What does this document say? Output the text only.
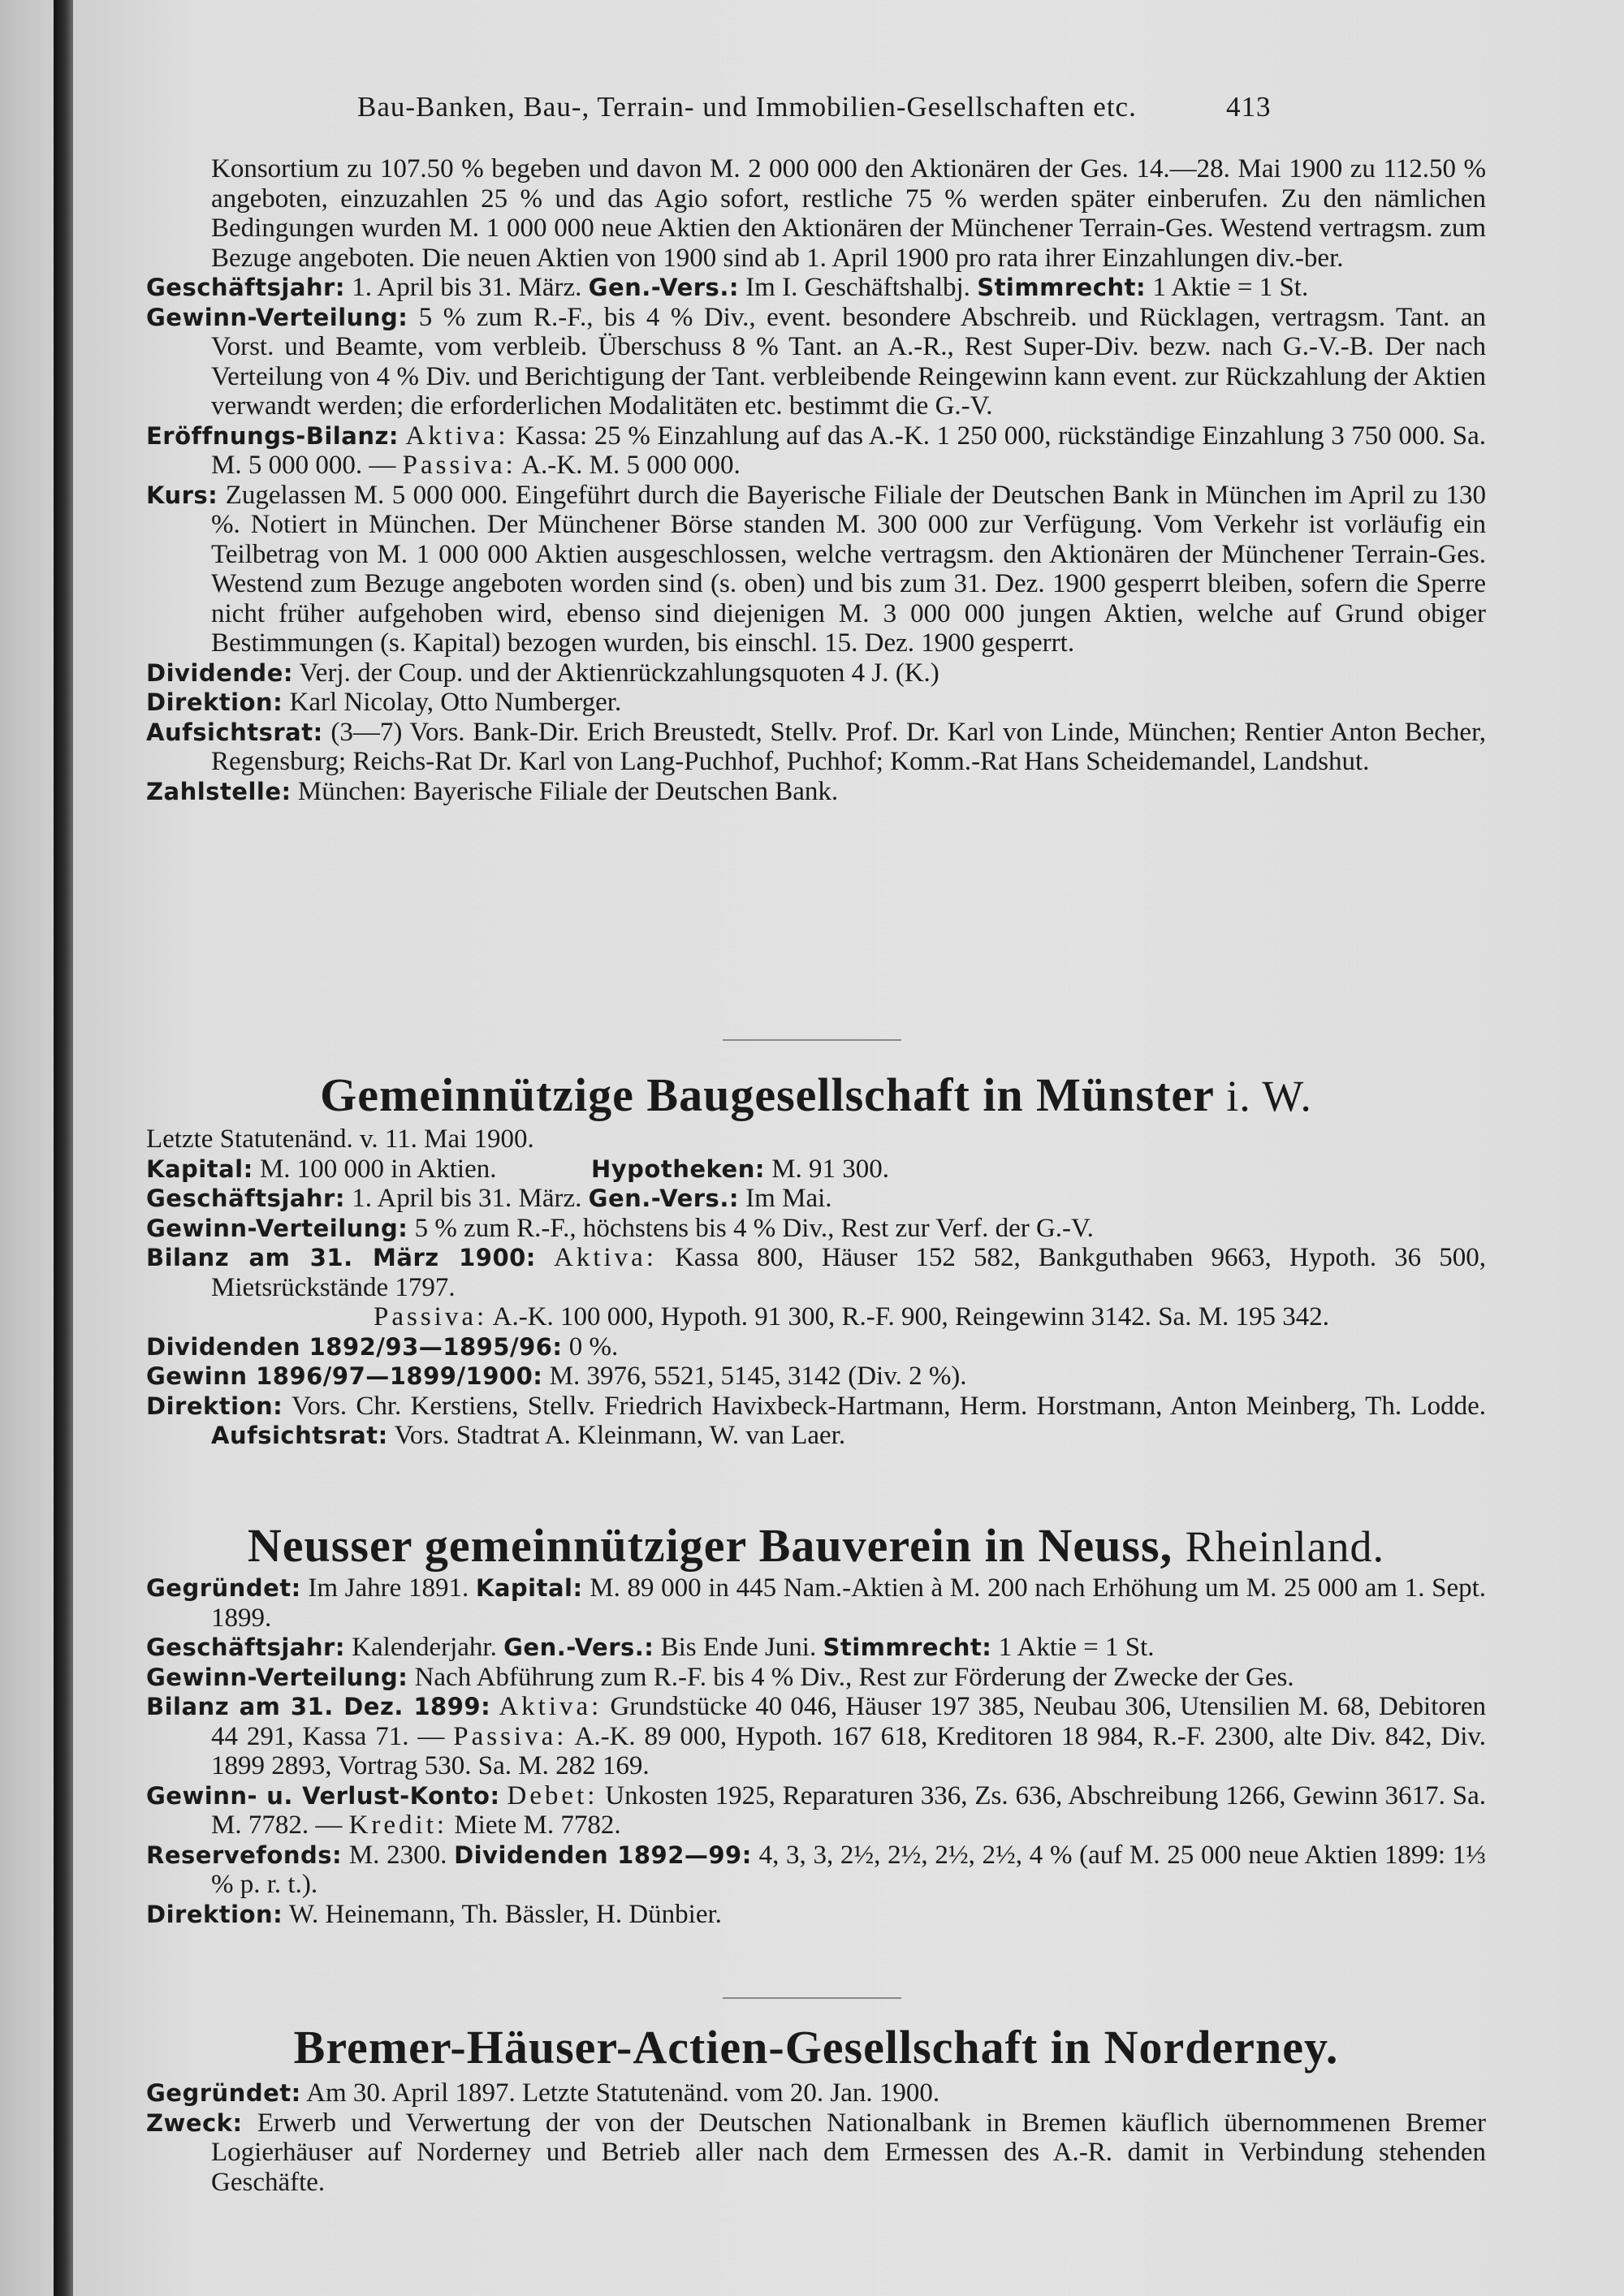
Bau-Banken, Bau-, Terrain- und Immobilien-Gesellschaften etc.	413

Konsortium zu 107.50 % begeben und davon M. 2 000 000 den Aktionären der Ges. 14.—28. Mai 1900 zu 112.50 % angeboten, einzuzahlen 25 % und das Agio sofort, restliche 75 % werden später einberufen. Zu den nämlichen Bedingungen wurden M. 1 000 000 neue Aktien den Aktionären der Münchener Terrain-Ges. Westend vertragsm. zum Bezuge angeboten. Die neuen Aktien von 1900 sind ab 1. April 1900 pro rata ihrer Einzahlungen div.-ber.

Geschäftsjahr: 1. April bis 31. März. Gen.-Vers.: Im I. Geschäftshalbj. Stimmrecht: 1 Aktie = 1 St.

Gewinn-Verteilung: 5 % zum R.-F., bis 4 % Div., event. besondere Abschreib. und Rücklagen, vertragsm. Tant. an Vorst. und Beamte, vom verbleib. Überschuss 8 % Tant. an A.-R., Rest Super-Div. bezw. nach G.-V.-B. Der nach Verteilung von 4 % Div. und Berichtigung der Tant. verbleibende Reingewinn kann event. zur Rückzahlung der Aktien verwandt werden; die erforderlichen Modalitäten etc. bestimmt die G.-V.

Eröffnungs-Bilanz: Aktiva: Kassa: 25 % Einzahlung auf das A.-K. 1 250 000, rückständige Einzahlung 3 750 000. Sa. M. 5 000 000. — Passiva: A.-K. M. 5 000 000.

Kurs: Zugelassen M. 5 000 000. Eingeführt durch die Bayerische Filiale der Deutschen Bank in München im April zu 130 %. Notiert in München. Der Münchener Börse standen M. 300 000 zur Verfügung. Vom Verkehr ist vorläufig ein Teilbetrag von M. 1 000 000 Aktien ausgeschlossen, welche vertragsm. den Aktionären der Münchener Terrain-Ges. Westend zum Bezuge angeboten worden sind (s. oben) und bis zum 31. Dez. 1900 gesperrt bleiben, sofern die Sperre nicht früher aufgehoben wird, ebenso sind diejenigen M. 3 000 000 jungen Aktien, welche auf Grund obiger Bestimmungen (s. Kapital) bezogen wurden, bis einschl. 15. Dez. 1900 gesperrt.

Dividende: Verj. der Coup. und der Aktienrückzahlungsquoten 4 J. (K.)

Direktion: Karl Nicolay, Otto Numberger.

Aufsichtsrat: (3—7) Vors. Bank-Dir. Erich Breustedt, Stellv. Prof. Dr. Karl von Linde, München; Rentier Anton Becher, Regensburg; Reichs-Rat Dr. Karl von Lang-Puchhof, Puchhof; Komm.-Rat Hans Scheidemandel, Landshut.

Zahlstelle: München: Bayerische Filiale der Deutschen Bank.

Gemeinnützige Baugesellschaft in Münster i. W.

Letzte Statutenänd. v. 11. Mai 1900.

Kapital: M. 100 000 in Aktien.	Hypotheken: M. 91 300.

Geschäftsjahr: 1. April bis 31. März. Gen.-Vers.: Im Mai.

Gewinn-Verteilung: 5 % zum R.-F., höchstens bis 4 % Div., Rest zur Verf. der G.-V.

Bilanz am 31. März 1900: Aktiva: Kassa 800, Häuser 152 582, Bankguthaben 9663, Hypoth. 36 500, Mietsrückstände 1797.

Passiva: A.-K. 100 000, Hypoth. 91 300, R.-F. 900, Reingewinn 3142. Sa. M. 195 342.

Dividenden 1892/93—1895/96: 0 %.

Gewinn 1896/97—1899/1900: M. 3976, 5521, 5145, 3142 (Div. 2 %).

Direktion: Vors. Chr. Kerstiens, Stellv. Friedrich Havixbeck-Hartmann, Herm. Horstmann, Anton Meinberg, Th. Lodde. Aufsichtsrat: Vors. Stadtrat A. Kleinmann, W. van Laer.

Neusser gemeinnütziger Bauverein in Neuss, Rheinland.

Gegründet: Im Jahre 1891. Kapital: M. 89 000 in 445 Nam.-Aktien à M. 200 nach Erhöhung um M. 25 000 am 1. Sept. 1899.

Geschäftsjahr: Kalenderjahr. Gen.-Vers.: Bis Ende Juni. Stimmrecht: 1 Aktie = 1 St.

Gewinn-Verteilung: Nach Abführung zum R.-F. bis 4 % Div., Rest zur Förderung der Zwecke der Ges.

Bilanz am 31. Dez. 1899: Aktiva: Grundstücke 40 046, Häuser 197 385, Neubau 306, Utensilien M. 68, Debitoren 44 291, Kassa 71. — Passiva: A.-K. 89 000, Hypoth. 167 618, Kreditoren 18 984, R.-F. 2300, alte Div. 842, Div. 1899 2893, Vortrag 530. Sa. M. 282 169.

Gewinn- u. Verlust-Konto: Debet: Unkosten 1925, Reparaturen 336, Zs. 636, Abschreibung 1266, Gewinn 3617. Sa. M. 7782. — Kredit: Miete M. 7782.

Reservefonds: M. 2300. Dividenden 1892—99: 4, 3, 3, 2½, 2½, 2½, 2½, 4 % (auf M. 25 000 neue Aktien 1899: 1⅓ % p. r. t.).

Direktion: W. Heinemann, Th. Bässler, H. Dünbier.

Bremer-Häuser-Actien-Gesellschaft in Norderney.

Gegründet: Am 30. April 1897. Letzte Statutenänd. vom 20. Jan. 1900.

Zweck: Erwerb und Verwertung der von der Deutschen Nationalbank in Bremen käuflich übernommenen Bremer Logierhäuser auf Norderney und Betrieb aller nach dem Ermessen des A.-R. damit in Verbindung stehenden Geschäfte.
